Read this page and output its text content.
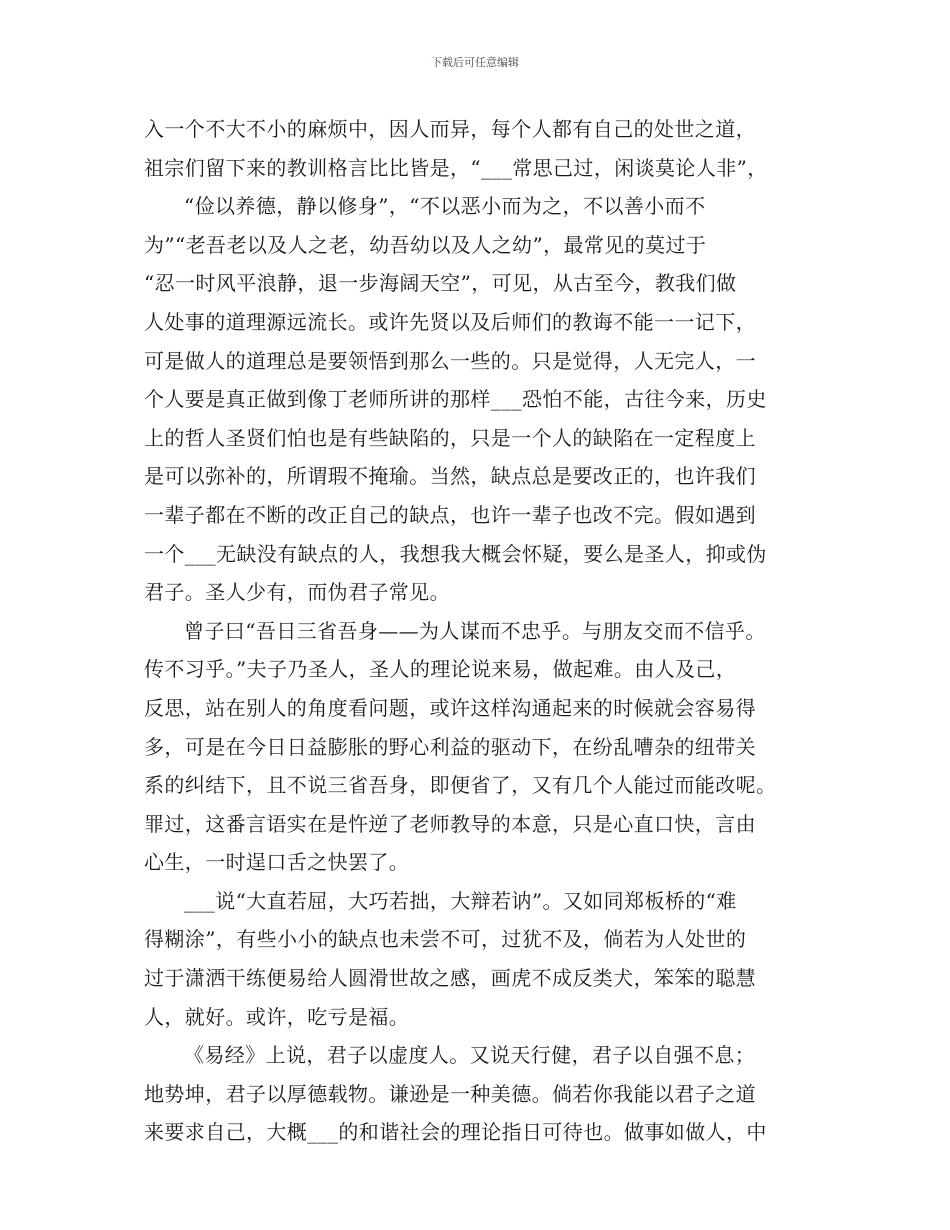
下载后可任意编辑
入一个不大不小的麻烦中，因人而异，每个人都有自己的处世之道，
祖宗们留下来的教训格言比比皆是，“___常思己过，闲谈莫论人非”，
“俭以养德，静以修身”，“不以恶小而为之，不以善小而不
为”“老吾老以及人之老，幼吾幼以及人之幼”，最常见的莫过于
“忍一时风平浪静，退一步海阔天空”，可见，从古至今，教我们做
人处事的道理源远流长。或许先贤以及后师们的教诲不能一一记下，
可是做人的道理总是要领悟到那么一些的。只是觉得，人无完人，一
个人要是真正做到像丁老师所讲的那样___恐怕不能，古往今来，历史
上的哲人圣贤们怕也是有些缺陷的，只是一个人的缺陷在一定程度上
是可以弥补的，所谓瑕不掩瑜。当然，缺点总是要改正的，也许我们
一辈子都在不断的改正自己的缺点，也许一辈子也改不完。假如遇到
一个___无缺没有缺点的人，我想我大概会怀疑，要么是圣人，抑或伪
君子。圣人少有，而伪君子常见。
曾子曰“吾日三省吾身——为人谋而不忠乎。与朋友交而不信乎。
传不习乎。”夫子乃圣人，圣人的理论说来易，做起难。由人及己，
反思，站在别人的角度看问题，或许这样沟通起来的时候就会容易得
多，可是在今日日益膨胀的野心利益的驱动下，在纷乱嘈杂的纽带关
系的纠结下，且不说三省吾身，即便省了，又有几个人能过而能改呢。
罪过，这番言语实在是忤逆了老师教导的本意，只是心直口快，言由
心生，一时逞口舌之快罢了。
___说“大直若屈，大巧若拙，大辩若讷”。又如同郑板桥的“难
得糊涂”，有些小小的缺点也未尝不可，过犹不及，倘若为人处世的
过于潇洒干练便易给人圆滑世故之感，画虎不成反类犬，笨笨的聪慧
人，就好。或许，吃亏是福。
《易经》上说，君子以虚度人。又说天行健，君子以自强不息；
地势坤，君子以厚德载物。谦逊是一种美德。倘若你我能以君子之道
来要求自己，大概___的和谐社会的理论指日可待也。做事如做人，中
